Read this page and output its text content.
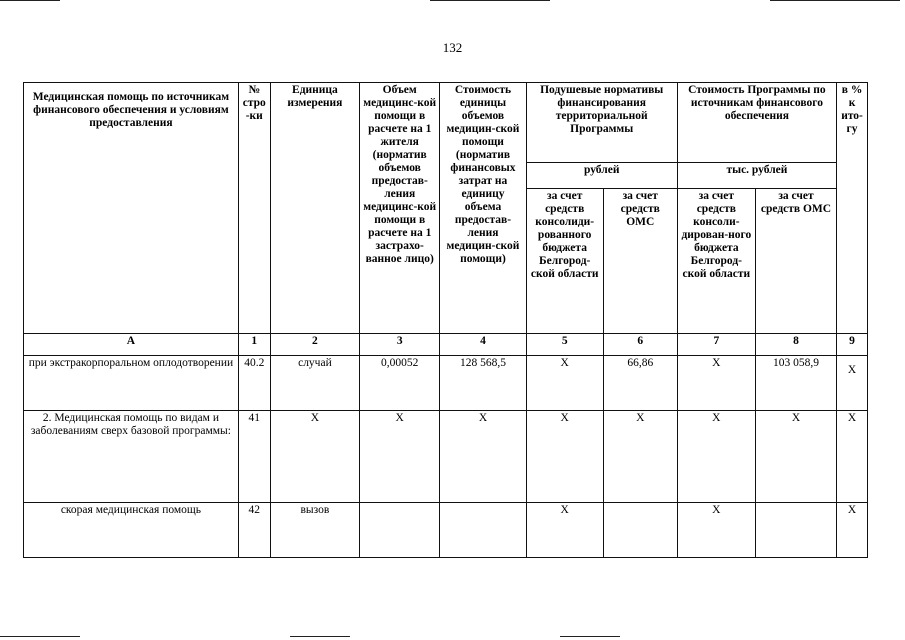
132
Медицинская помощь по источникам финансового обеспечения и условиям предоставления	№ стро-ки	Единица измерения	Объем медицинс-кой помощи в расчете на 1 жителя (норматив объемов предостав-ления медицинс-кой помощи в расчете на 1 застрахо-ванное лицо)	Стоимость единицы объемов медицин-ской помощи (норматив финансовых затрат на единицу объема предостав-ления медицин-ской помощи)	Подушевые нормативы финансирования территориальной Программы		Стоимость Программы по источникам финансового обеспечения		в % к ито-гу
					рублей		тыс. рублей		
					за счет средств консолиди-рованного бюджета Белгород-ской области	за счет средств ОМС	за счет средств консоли-дирован-ного бюджета Белгород-ской области	за счет средств ОМС	
А	1	2	3	4	5	6	7	8	9
при экстракорпоральном оплодотворении	40.2	случай	0,00052	128 568,5	Х	66,86	Х	103 058,9	Х
2. Медицинская помощь по видам и заболеваниям сверх базовой программы:	41	Х	Х	Х	Х	Х	Х	Х	Х
скорая медицинская помощь	42	вызов			Х		Х		Х
